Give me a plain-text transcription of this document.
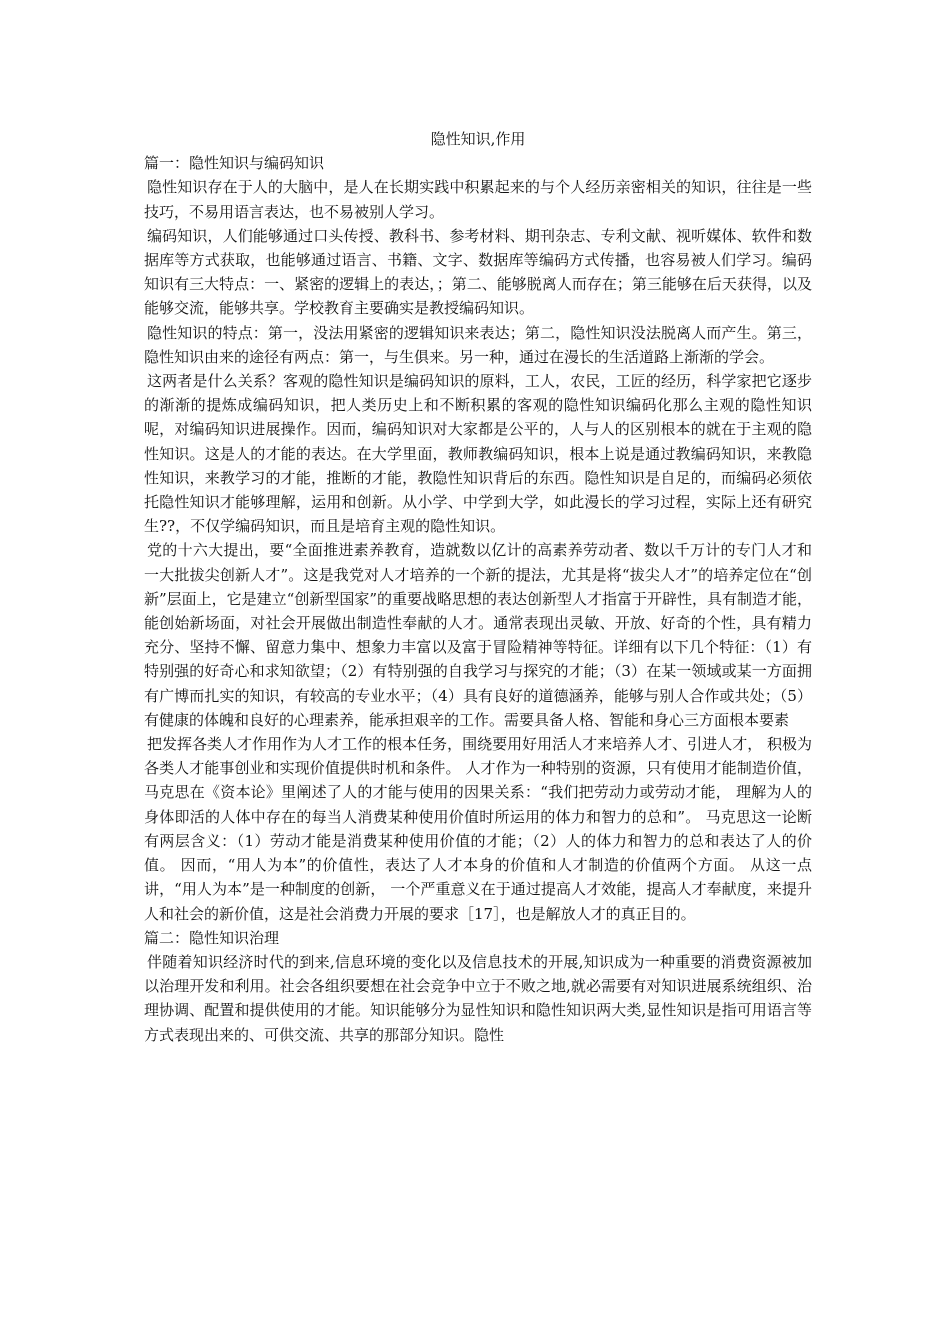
隐性知识,作用
篇一：隐性知识与编码知识

隐性知识存在于人的大脑中，是人在长期实践中积累起来的与个人经历亲密相关的知识，往往是一些技巧，不易用语言表达，也不易被别人学习。

编码知识，人们能够通过口头传授、教科书、参考材料、期刊杂志、专利文献、视听媒体、软件和数据库等方式获取，也能够通过语言、书籍、文字、数据库等编码方式传播，也容易被人们学习。编码知识有三大特点：一、紧密的逻辑上的表达，；第二、能够脱离人而存在；第三能够在后天获得，以及能够交流，能够共享。学校教育主要确实是教授编码知识。

隐性知识的特点：第一，没法用紧密的逻辑知识来表达；第二，隐性知识没法脱离人而产生。第三，隐性知识由来的途径有两点：第一，与生俱来。另一种，通过在漫长的生活道路上渐渐的学会。

这两者是什么关系？客观的隐性知识是编码知识的原料，工人，农民，工匠的经历，科学家把它逐步的渐渐的提炼成编码知识，把人类历史上和不断积累的客观的隐性知识编码化那么主观的隐性知识呢，对编码知识进展操作。因而，编码知识对大家都是公平的，人与人的区别根本的就在于主观的隐性知识。这是人的才能的表达。在大学里面，教师教编码知识，根本上说是通过教编码知识，来教隐性知识，来教学习的才能，推断的才能，教隐性知识背后的东西。隐性知识是自足的，而编码必须依托隐性知识才能够理解，运用和创新。从小学、中学到大学，如此漫长的学习过程，实际上还有研究生??，不仅学编码知识，而且是培育主观的隐性知识。

党的十六大提出，要“全面推进素养教育，造就数以亿计的高素养劳动者、数以千万计的专门人才和一大批拔尖创新人才”。这是我党对人才培养的一个新的提法，尤其是将“拔尖人才”的培养定位在“创新”层面上，它是建立“创新型国家”的重要战略思想的表达创新型人才指富于开辟性，具有制造才能，能创始新场面，对社会开展做出制造性奉献的人才。通常表现出灵敏、开放、好奇的个性，具有精力充分、坚持不懈、留意力集中、想象力丰富以及富于冒险精神等特征。详细有以下几个特征：（1）有特别强的好奇心和求知欲望；（2）有特别强的自我学习与探究的才能；（3）在某一领域或某一方面拥有广博而扎实的知识，有较高的专业水平；（4）具有良好的道德涵养，能够与别人合作或共处；（5）有健康的体魄和良好的心理素养，能承担艰辛的工作。需要具备人格、智能和身心三方面根本要素

把发挥各类人才作用作为人才工作的根本任务，围绕要用好用活人才来培养人才、引进人才， 积极为各类人才能事创业和实现价值提供时机和条件。 人才作为一种特别的资源，只有使用才能制造价值，马克思在《资本论》里阐述了人的才能与使用的因果关系：“我们把劳动力或劳动才能， 理解为人的身体即活的人体中存在的每当人消费某种使用价值时所运用的体力和智力的总和”。 马克思这一论断有两层含义：（1）劳动才能是消费某种使用价值的才能；（2）人的体力和智力的总和表达了人的价值。 因而，“用人为本”的价值性，表达了人才本身的价值和人才制造的价值两个方面。 从这一点讲，“用人为本”是一种制度的创新， 一个严重意义在于通过提高人才效能，提高人才奉献度，来提升人和社会的新价值，这是社会消费力开展的要求［17］，也是解放人才的真正目的。

篇二：隐性知识治理

伴随着知识经济时代的到来,信息环境的变化以及信息技术的开展,知识成为一种重要的消费资源被加以治理开发和利用。社会各组织要想在社会竞争中立于不败之地,就必需要有对知识进展系统组织、治理协调、配置和提供使用的才能。知识能够分为显性知识和隐性知识两大类,显性知识是指可用语言等方式表现出来的、可供交流、共享的那部分知识。隐性
